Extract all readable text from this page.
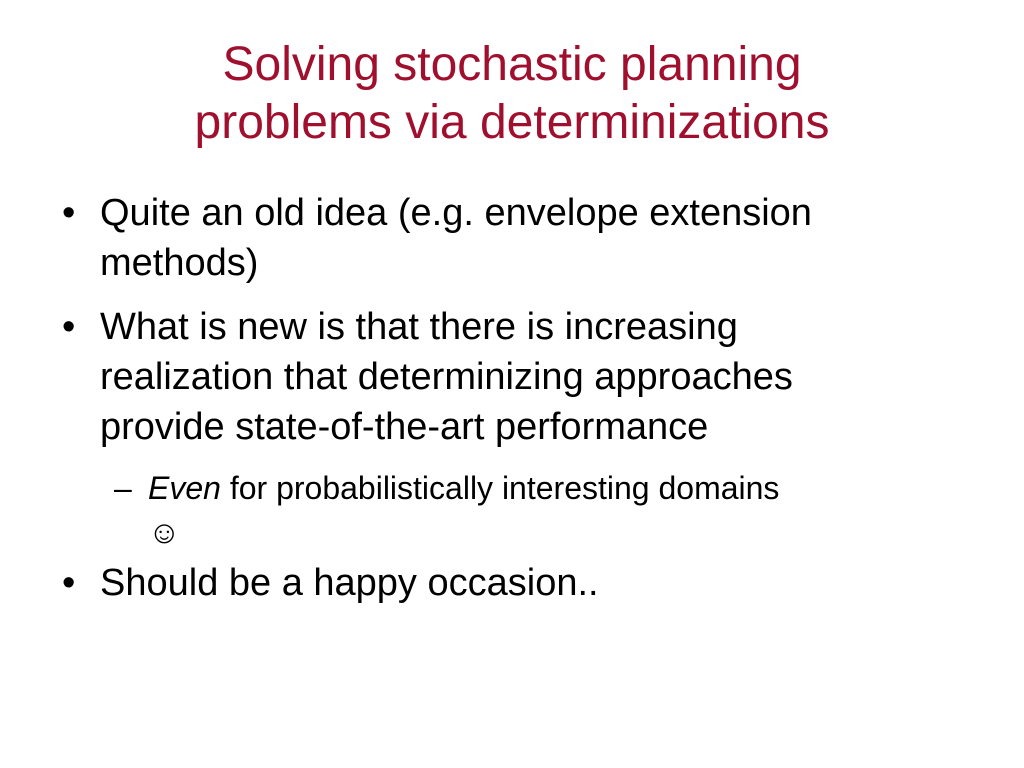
Solving stochastic planning
problems via determinizations
• Quite an old idea (e.g. envelope extension
methods)
• What is new is that there is increasing
realization that determinizing approaches
provide state-of-the-art performance
– Even for probabilistically interesting domains
☺
• Should be a happy occasion..
